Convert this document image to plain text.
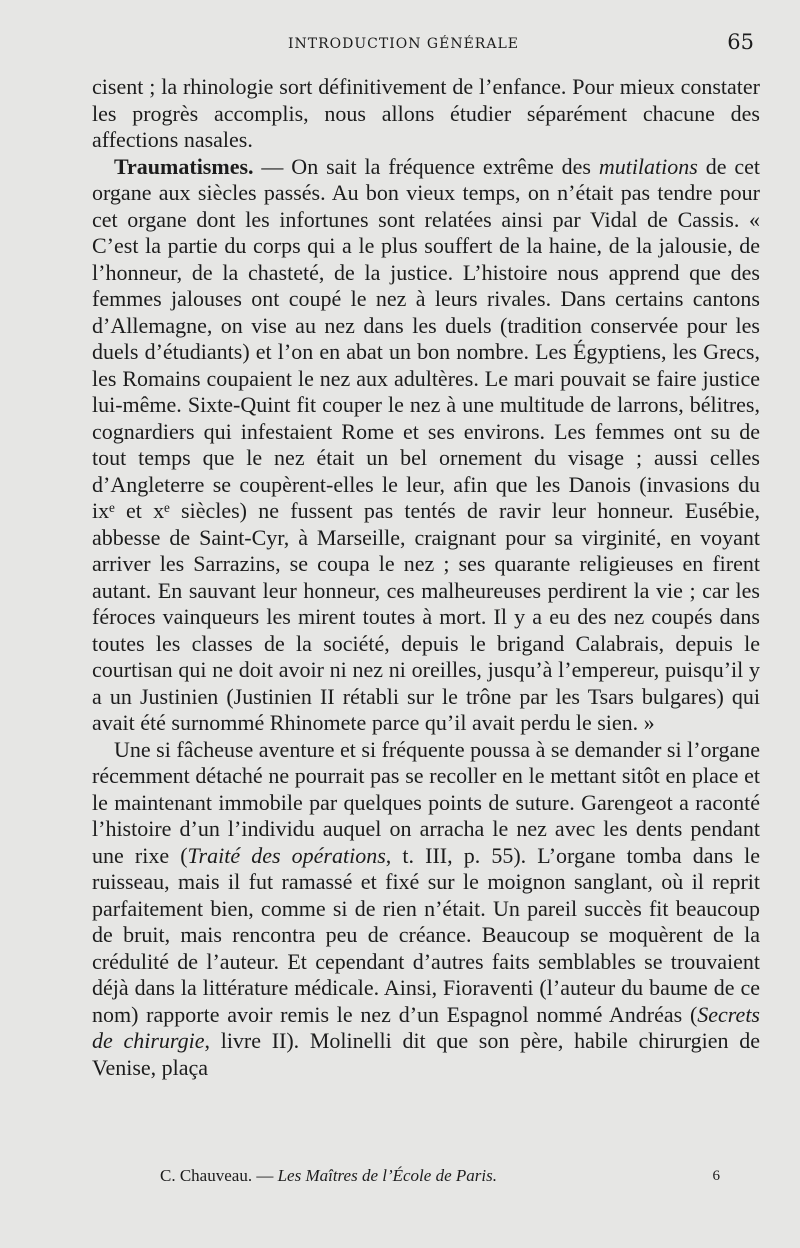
INTRODUCTION GÉNÉRALE	65

cisent ; la rhinologie sort définitivement de l’enfance. Pour mieux constater les progrès accomplis, nous allons étudier séparément chacune des affections nasales.

Traumatismes. — On sait la fréquence extrême des mutilations de cet organe aux siècles passés. Au bon vieux temps, on n’était pas tendre pour cet organe dont les infortunes sont relatées ainsi par Vidal de Cassis. « C’est la partie du corps qui a le plus souffert de la haine, de la jalousie, de l’honneur, de la chasteté, de la justice. L’histoire nous apprend que des femmes jalouses ont coupé le nez à leurs rivales. Dans certains cantons d’Allemagne, on vise au nez dans les duels (tradition conservée pour les duels d’étudiants) et l’on en abat un bon nombre. Les Égyptiens, les Grecs, les Romains coupaient le nez aux adultères. Le mari pouvait se faire justice lui-même. Sixte-Quint fit couper le nez à une multitude de larrons, bélitres, cognardiers qui infestaient Rome et ses environs. Les femmes ont su de tout temps que le nez était un bel ornement du visage ; aussi celles d’Angleterre se coupèrent-elles le leur, afin que les Danois (invasions du ixᵉ et xᵉ siècles) ne fussent pas tentés de ravir leur honneur. Eusébie, abbesse de Saint-Cyr, à Marseille, craignant pour sa virginité, en voyant arriver les Sarrazins, se coupa le nez ; ses quarante religieuses en firent autant. En sauvant leur honneur, ces malheureuses perdirent la vie ; car les féroces vainqueurs les mirent toutes à mort. Il y a eu des nez coupés dans toutes les classes de la société, depuis le brigand Calabrais, depuis le courtisan qui ne doit avoir ni nez ni oreilles, jusqu’à l’empereur, puisqu’il y a un Justinien (Justinien II rétabli sur le trône par les Tsars bulgares) qui avait été surnommé Rhinomete parce qu’il avait perdu le sien. »

Une si fâcheuse aventure et si fréquente poussa à se demander si l’organe récemment détaché ne pourrait pas se recoller en le mettant sitôt en place et le maintenant immobile par quelques points de suture. Garengeot a raconté l’histoire d’un l’individu auquel on arracha le nez avec les dents pendant une rixe (Traité des opérations, t. III, p. 55). L’organe tomba dans le ruisseau, mais il fut ramassé et fixé sur le moignon sanglant, où il reprit parfaitement bien, comme si de rien n’était. Un pareil succès fit beaucoup de bruit, mais rencontra peu de créance. Beaucoup se moquèrent de la crédulité de l’auteur. Et cependant d’autres faits semblables se trouvaient déjà dans la littérature médicale. Ainsi, Fioraventi (l’auteur du baume de ce nom) rapporte avoir remis le nez d’un Espagnol nommé Andréas (Secrets de chirurgie, livre II). Molinelli dit que son père, habile chirurgien de Venise, plaça

C. Chauveau. — Les Maîtres de l’École de Paris.	6
